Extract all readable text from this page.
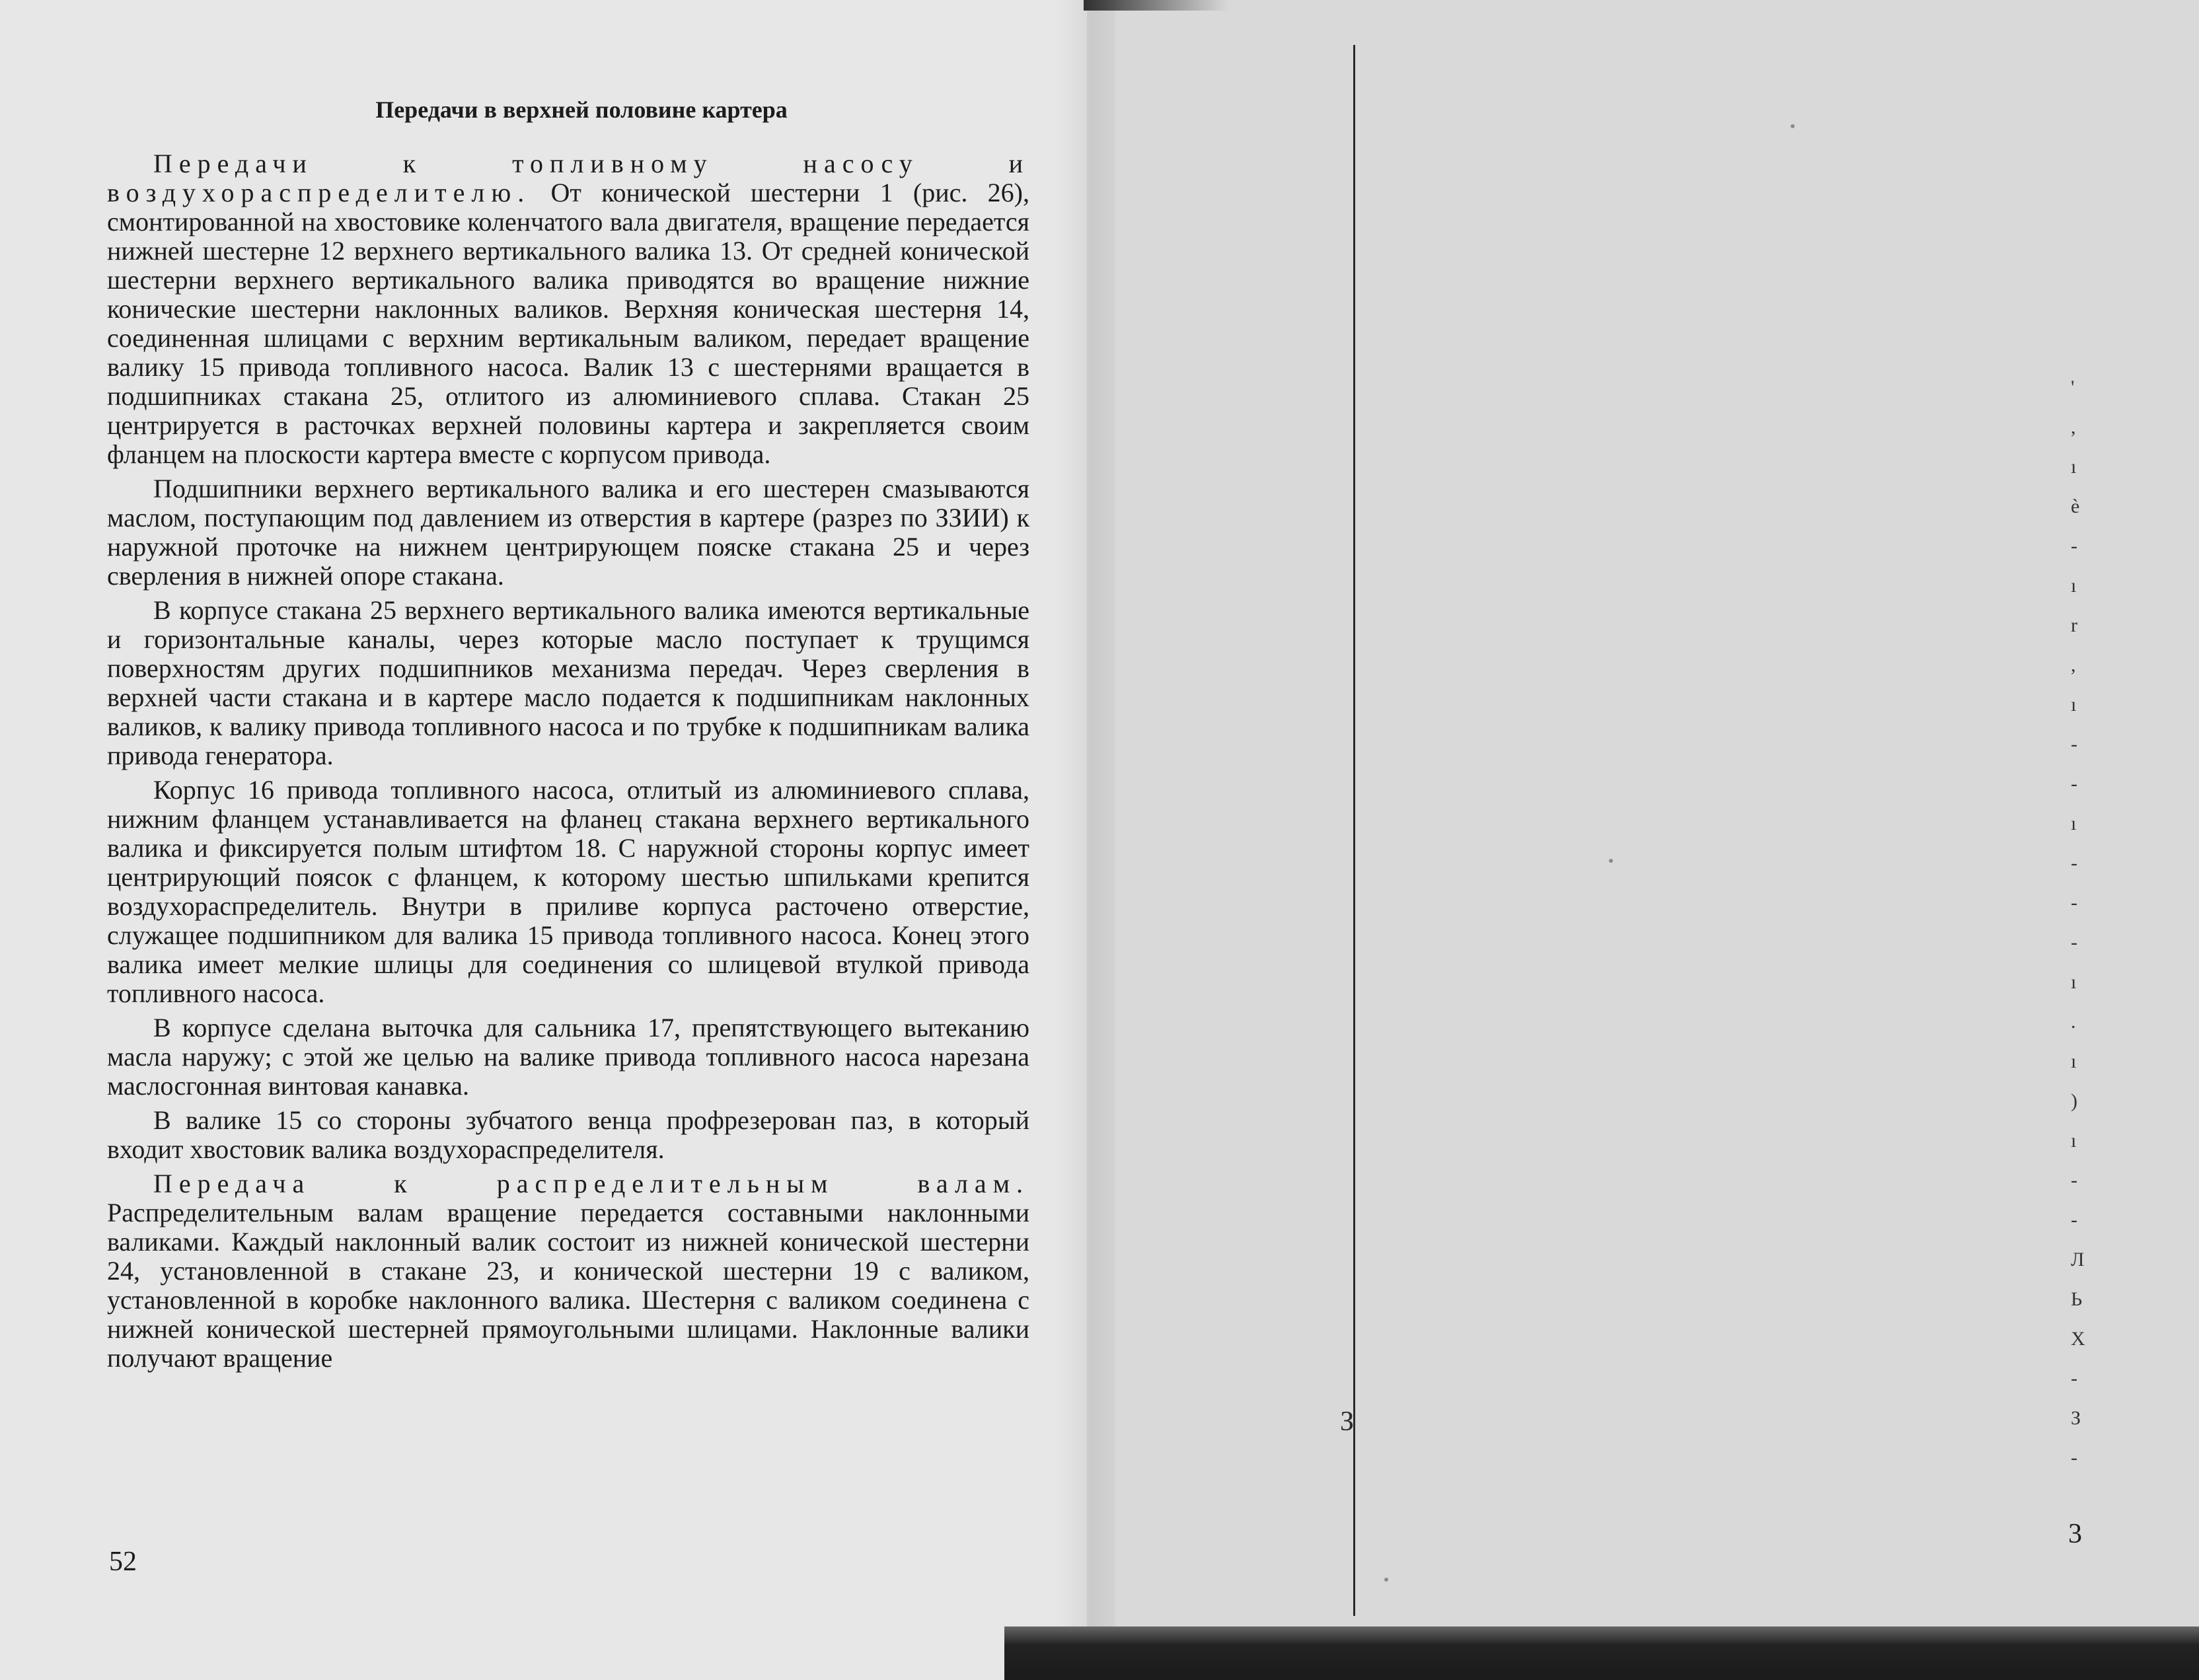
Передачи в верхней половине картера

Передачи к топливному насосу и воздухораспределителю. От конической шестерни 1 (рис. 26), смонтированной на хвостовике коленчатого вала двигателя, вращение передается нижней шестерне 12 верхнего вертикального валика 13. От средней конической шестерни верхнего вертикального валика приводятся во вращение нижние конические шестерни наклонных валиков. Верхняя коническая шестерня 14, соединенная шлицами с верхним вертикальным валиком, передает вращение валику 15 привода топливного насоса. Валик 13 с шестернями вращается в подшипниках стакана 25, отлитого из алюминиевого сплава. Стакан 25 центрируется в расточках верхней половины картера и закрепляется своим фланцем на плоскости картера вместе с корпусом привода.

Подшипники верхнего вертикального валика и его шестерен смазываются маслом, поступающим под давлением из отверстия в картере (разрез по ЗЗИИ) к наружной проточке на нижнем центрирующем пояске стакана 25 и через сверления в нижней опоре стакана.

В корпусе стакана 25 верхнего вертикального валика имеются вертикальные и горизонтальные каналы, через которые масло поступает к трущимся поверхностям других подшипников механизма передач. Через сверления в верхней части стакана и в картере масло подается к подшипникам наклонных валиков, к валику привода топливного насоса и по трубке к подшипникам валика привода генератора.

Корпус 16 привода топливного насоса, отлитый из алюминиевого сплава, нижним фланцем устанавливается на фланец стакана верхнего вертикального валика и фиксируется полым штифтом 18. С наружной стороны корпус имеет центрирующий поясок с фланцем, к которому шестью шпильками крепится воздухораспределитель. Внутри в приливе корпуса расточено отверстие, служащее подшипником для валика 15 привода топливного насоса. Конец этого валика имеет мелкие шлицы для соединения со шлицевой втулкой привода топливного насоса.

В корпусе сделана выточка для сальника 17, препятствующего вытеканию масла наружу; с этой же целью на валике привода топливного насоса нарезана маслосгонная винтовая канавка.

В валике 15 со стороны зубчатого венца профрезерован паз, в который входит хвостовик валика воздухораспределителя.

Передача к распределительным валам. Распределительным валам вращение передается составными наклонными валиками. Каждый наклонный валик состоит из нижней конической шестерни 24, установленной в стакане 23, и конической шестерни 19 с валиком, установленной в коробке наклонного валика. Шестерня с валиком соединена с нижней конической шестерней прямоугольными шлицами. Наклонные валики получают вращение

52
З
'
,
ı
ѐ
-
ı
r
,
ı
-
-
ı
-
-
-
ı
.
ı
)
ı
-
-
Л
Ь
Х
-
З
-
3
